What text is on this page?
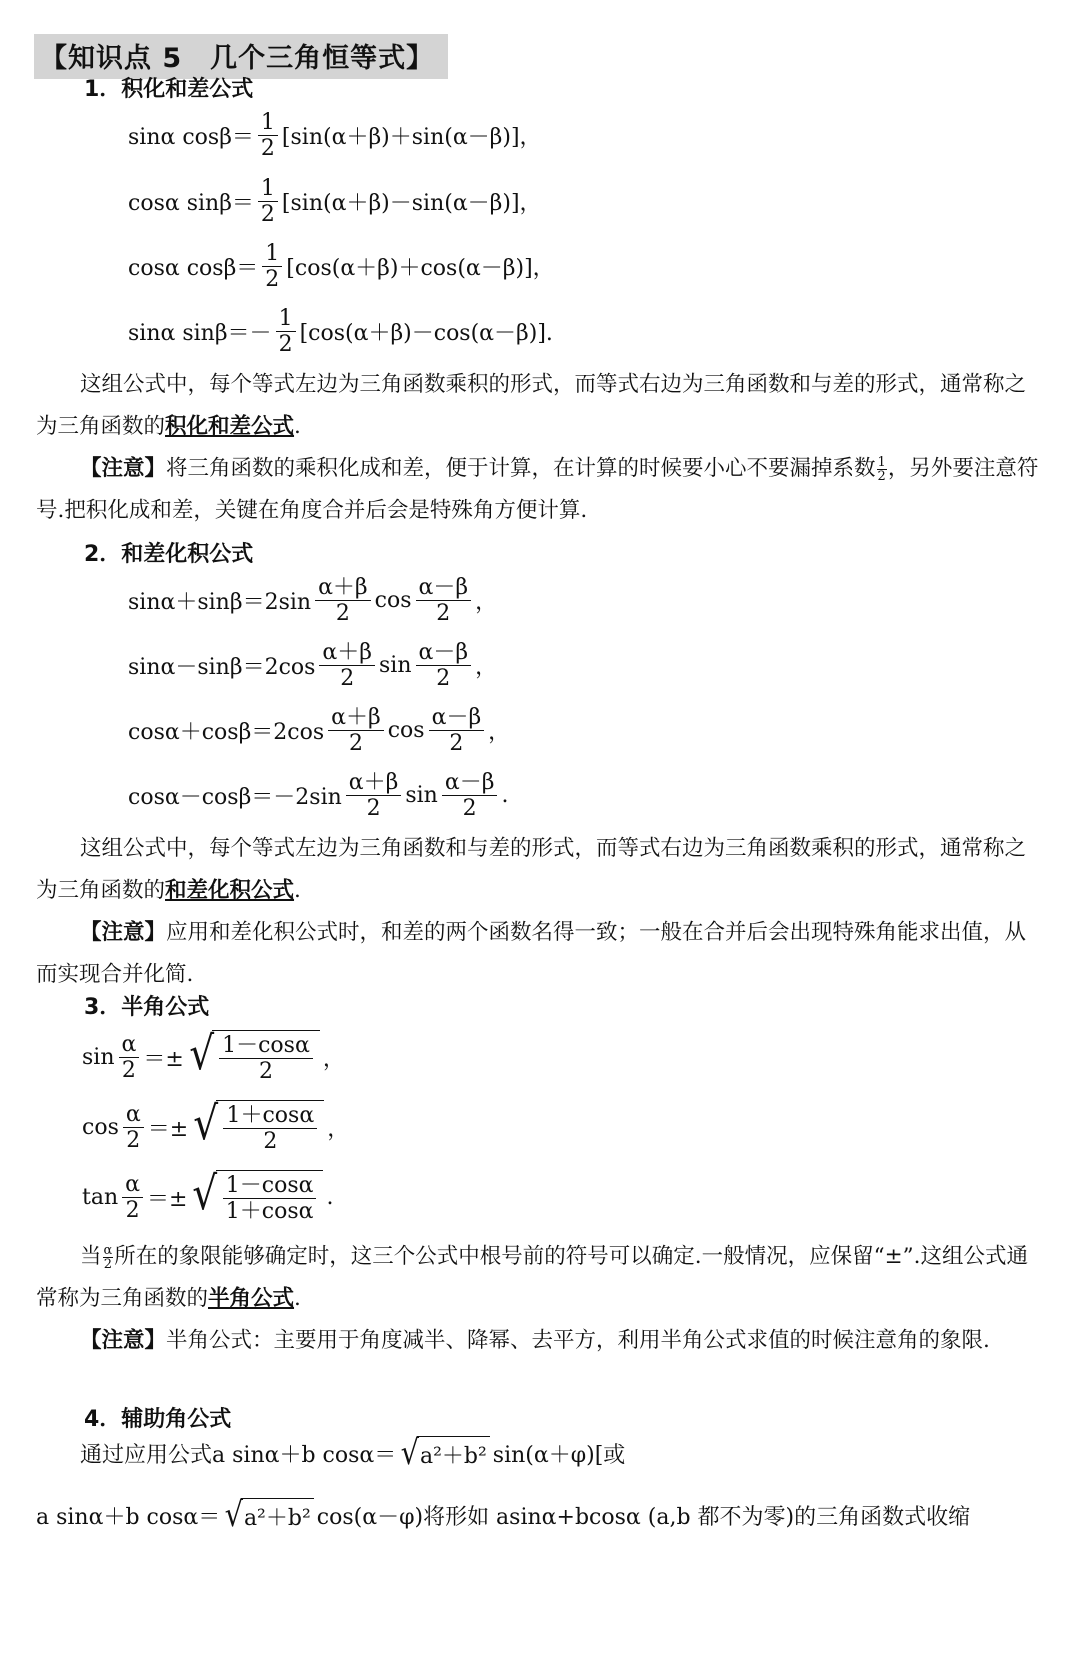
【知识点 5　几个三角恒等式】
1．积化和差公式
sinα $\cos\beta= \frac{1}{2} [\sin(\alpha+\beta)+\sin(\alpha-\beta)]$，
cosα $\sin\beta= \frac{1}{2} [\sin(\alpha+\beta)-\sin(\alpha-\beta)]$，
cosα $\cos\beta= \frac{1}{2} [\cos(\alpha+\beta)+\cos(\alpha-\beta)]$，
sinα $\sin\beta=- \frac{1}{2} [\cos(\alpha+\beta)-\cos(\alpha-\beta)]$.
这组公式中，每个等式左边为三角函数乘积的形式，而等式右边为三角函数和与差的形式，通常称之为三角函数的积化和差公式.
【注意】将三角函数的乘积化成和差，便于计算，在计算的时候要小心不要漏掉系数 $\frac{1}{2}$ ，另外要注意符号.把积化成和差，关键在角度合并后会是特殊角方便计算.
2．和差化积公式
$\sin\alpha+\sin\beta=2\sin \frac{\alpha+\beta}{2}$ $\cos \frac{\alpha-\beta}{2}$ ，
$\sin\alpha-\sin\beta=2\cos \frac{\alpha+\beta}{2}$ $\sin \frac{\alpha-\beta}{2}$ ，
$\cos\alpha+\cos\beta=2\cos \frac{\alpha+\beta}{2}$ $\cos \frac{\alpha-\beta}{2}$ ，
$\cos\alpha-\cos\beta=-2\sin \frac{\alpha+\beta}{2}$ $\sin \frac{\alpha-\beta}{2}$ .
这组公式中，每个等式左边为三角函数和与差的形式，而等式右边为三角函数乘积的形式，通常称之为三角函数的和差化积公式.
【注意】应用和差化积公式时，和差的两个函数名得一致；一般在合并后会出现特殊角能求出值，从而实现合并化简.
3．半角公式
$\sin \frac{\alpha}{2}$ ＝± √ $\frac{1-\cos\alpha}{2}$ ，
$\cos \frac{\alpha}{2}$ ＝± √ $\frac{1+\cos\alpha}{2}$ ，
$\tan \frac{\alpha}{2}$ ＝± √ $\frac{1-\cos\alpha}{1+\cos\alpha}$ .
当 $\frac{\alpha}{2}$ 所在的象限能够确定时，这三个公式中根号前的符号可以确定.一般情况，应保留“±”.这组公式通常称为三角函数的半角公式.
【注意】半角公式：主要用于角度减半、降幂、去平方，利用半角公式求值的时候注意角的象限.
4．辅助角公式
通过应用公式 a sinα＋b cosα＝ √ a²＋b² sin(α＋φ)[或
a sinα＋b cosα＝ √ a²＋b² cos(α－φ)将形如 asinα+bcosα (a,b 都不为零)的三角函数式收缩
